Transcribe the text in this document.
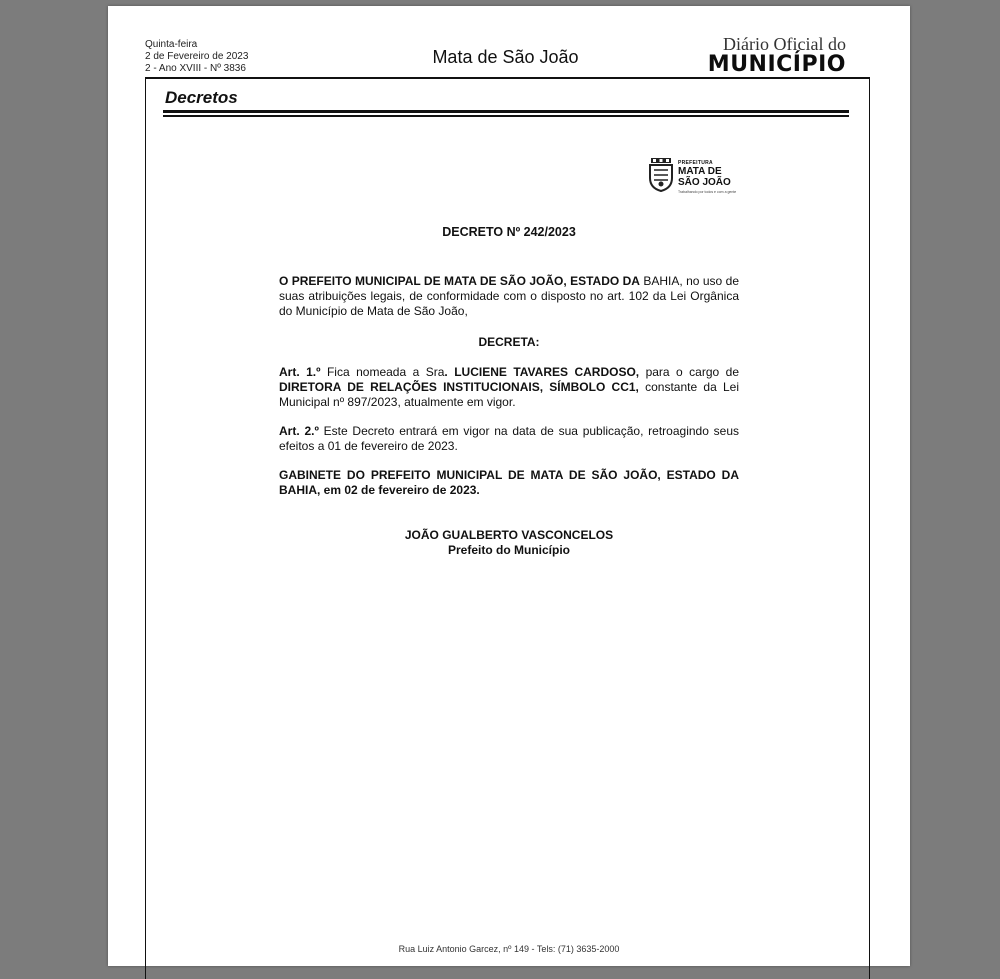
Quinta-feira
2 de Fevereiro de 2023
2 - Ano XVIII - Nº 3836
Mata de São João
Diário Oficial do
MUNICÍPIO
Decretos
PREFEITURA
MATA DE
SÃO JOÃO
Trabalhando por todos e com a gente
DECRETO Nº 242/2023
O PREFEITO MUNICIPAL DE MATA DE SÃO JOÃO, ESTADO DA BAHIA, no uso de suas atribuições legais, de conformidade com o disposto no art. 102 da Lei Orgânica do Município de Mata de São João,
DECRETA:
Art. 1.º Fica nomeada a Sra. LUCIENE TAVARES CARDOSO, para o cargo de DIRETORA DE RELAÇÕES INSTITUCIONAIS, SÍMBOLO CC1, constante da Lei Municipal nº 897/2023, atualmente em vigor.
Art. 2.º Este Decreto entrará em vigor na data de sua publicação, retroagindo seus efeitos a 01 de fevereiro de 2023.
GABINETE DO PREFEITO MUNICIPAL DE MATA DE SÃO JOÃO, ESTADO DA BAHIA, em 02 de fevereiro de 2023.
JOÃO GUALBERTO VASCONCELOS
Prefeito do Município
Rua Luiz Antonio Garcez, nº 149 - Tels: (71) 3635-2000
